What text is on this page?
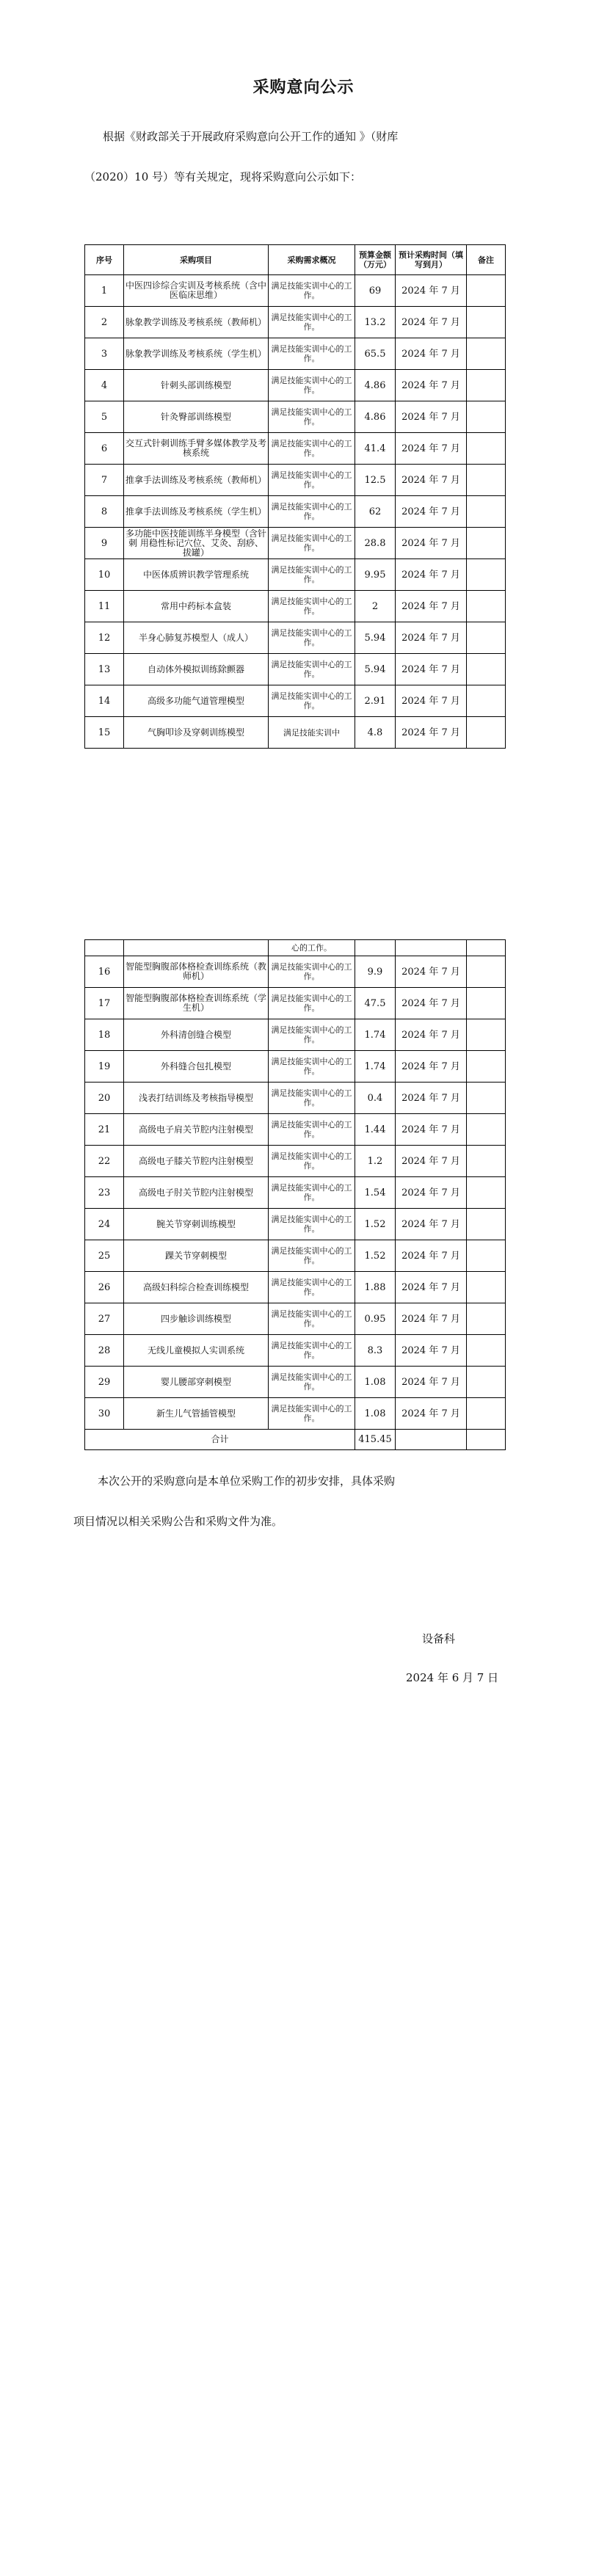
采购意向公示
根据《财政部关于开展政府采购意向公开工作的通知 》（财库
（2020）10 号）等有关规定，现将采购意向公示如下：
序号	采购项目	采购需求概况	预算金额（万元）	预计采购时间（填写到月）	备注
1	中医四诊综合实训及考核系统（含中医临床思维）	满足技能实训中心的工作。	69	2024 年 7 月	
2	脉象教学训练及考核系统（教师机）	满足技能实训中心的工作。	13.2	2024 年 7 月	
3	脉象教学训练及考核系统（学生机）	满足技能实训中心的工作。	65.5	2024 年 7 月	
4	针刺头部训练模型	满足技能实训中心的工作。	4.86	2024 年 7 月	
5	针灸臀部训练模型	满足技能实训中心的工作。	4.86	2024 年 7 月	
6	交互式针刺训练手臂多媒体教学及考核系统	满足技能实训中心的工作。	41.4	2024 年 7 月	
7	推拿手法训练及考核系统（教师机）	满足技能实训中心的工作。	12.5	2024 年 7 月	
8	推拿手法训练及考核系统（学生机）	满足技能实训中心的工作。	62	2024 年 7 月	
9	多功能中医技能训练半身模型（含针刺 用稳性标记穴位、艾灸、刮痧、拔罐）	满足技能实训中心的工作。	28.8	2024 年 7 月	
10	中医体质辨识教学管理系统	满足技能实训中心的工作。	9.95	2024 年 7 月	
11	常用中药标本盒装	满足技能实训中心的工作。	2	2024 年 7 月	
12	半身心肺复苏模型人（成人）	满足技能实训中心的工作。	5.94	2024 年 7 月	
13	自动体外模拟训练除颤器	满足技能实训中心的工作。	5.94	2024 年 7 月	
14	高级多功能气道管理模型	满足技能实训中心的工作。	2.91	2024 年 7 月	
15	气胸叩诊及穿刺训练模型	满足技能实训中	4.8	2024 年 7 月	
		心的工作。			
16	智能型胸腹部体格检查训练系统（教师机）	满足技能实训中心的工作。	9.9	2024 年 7 月	
17	智能型胸腹部体格检查训练系统（学生机）	满足技能实训中心的工作。	47.5	2024 年 7 月	
18	外科清创缝合模型	满足技能实训中心的工作。	1.74	2024 年 7 月	
19	外科缝合包扎模型	满足技能实训中心的工作。	1.74	2024 年 7 月	
20	浅表打结训练及考核指导模型	满足技能实训中心的工作。	0.4	2024 年 7 月	
21	高级电子肩关节腔内注射模型	满足技能实训中心的工作。	1.44	2024 年 7 月	
22	高级电子膝关节腔内注射模型	满足技能实训中心的工作。	1.2	2024 年 7 月	
23	高级电子肘关节腔内注射模型	满足技能实训中心的工作。	1.54	2024 年 7 月	
24	腕关节穿刺训练模型	满足技能实训中心的工作。	1.52	2024 年 7 月	
25	踝关节穿刺模型	满足技能实训中心的工作。	1.52	2024 年 7 月	
26	高级妇科综合检查训练模型	满足技能实训中心的工作。	1.88	2024 年 7 月	
27	四步触诊训练模型	满足技能实训中心的工作。	0.95	2024 年 7 月	
28	无线儿童模拟人实训系统	满足技能实训中心的工作。	8.3	2024 年 7 月	
29	婴儿腰部穿刺模型	满足技能实训中心的工作。	1.08	2024 年 7 月	
30	新生儿气管插管模型	满足技能实训中心的工作。	1.08	2024 年 7 月	
合计			415.45		
本次公开的采购意向是本单位采购工作的初步安排，具体采购
项目情况以相关采购公告和采购文件为准。
设备科
2024 年 6 月 7 日
